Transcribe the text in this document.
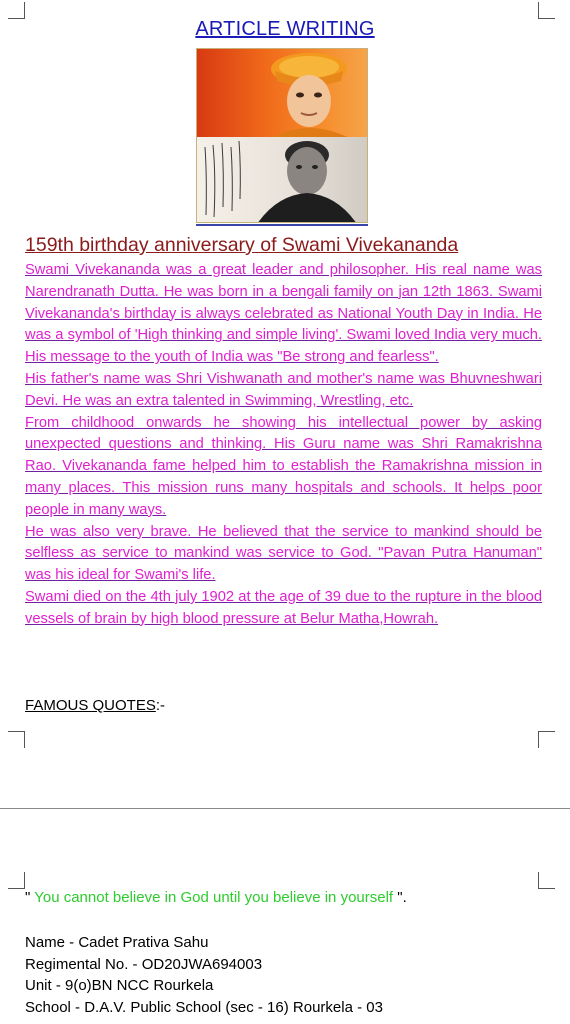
ARTICLE WRITING
159th birthday anniversary of Swami Vivekananda

Swami Vivekananda was a great leader and philosopher. His real name was Narendranath Dutta. He was born in a bengali family on jan 12th 1863. Swami Vivekananda's birthday is always celebrated as National Youth Day in India. He was a symbol of 'High thinking and simple living'. Swami loved India very much. His message to the youth of India was "Be strong and fearless".

His father's name was Shri Vishwanath and mother's name was Bhuvneshwari Devi. He was an extra talented in Swimming, Wrestling, etc.

From childhood onwards he showing his intellectual power by asking unexpected questions and thinking. His Guru name was Shri Ramakrishna Rao. Vivekananda fame helped him to establish the Ramakrishna mission in many places. This mission runs many hospitals and schools. It helps poor people in many ways.

He was also very brave. He believed that the service to mankind should be selfless as service to mankind was service to God. "Pavan Putra Hanuman" was his ideal for Swami's life.

Swami died on the 4th july 1902 at the age of 39 due to the rupture in the blood vessels of brain by high blood pressure at Belur Matha,Howrah.

FAMOUS QUOTES:-
" You cannot believe in God until you believe in yourself ".
Name - Cadet Prativa Sahu
Regimental No. - OD20JWA694003
Unit - 9(o)BN NCC Rourkela
School - D.A.V. Public School (sec - 16) Rourkela - 03
